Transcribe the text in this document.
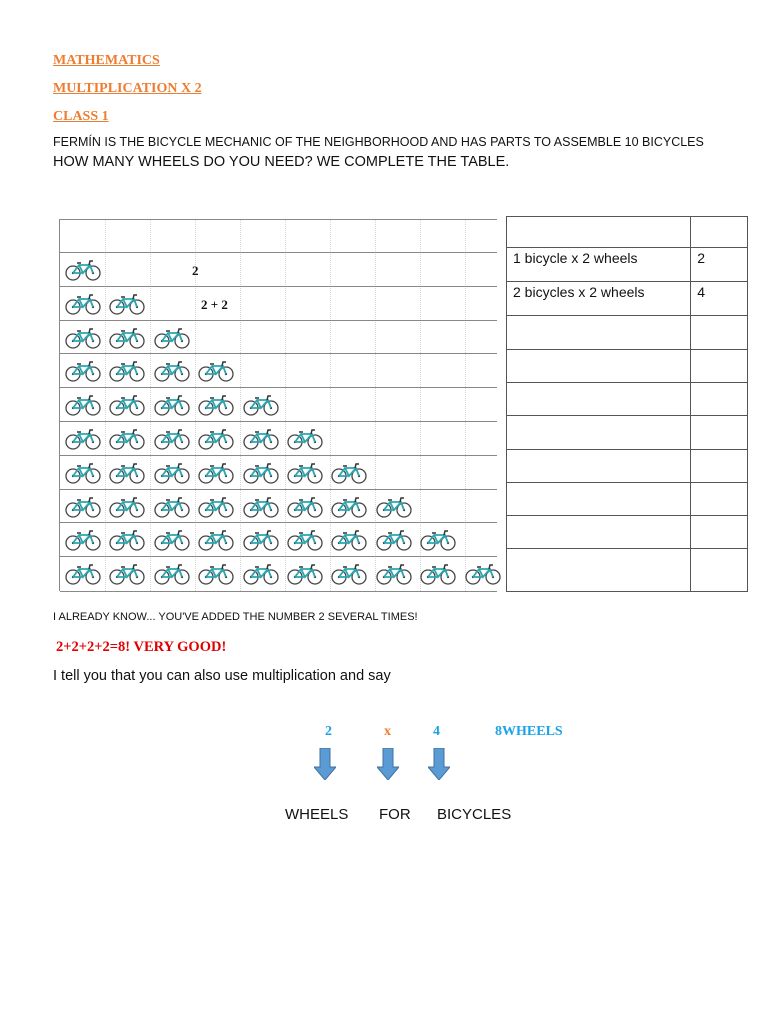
MATHEMATICS
MULTIPLICATION X 2
CLASS 1
FERMÍN IS THE BICYCLE MECHANIC OF THE NEIGHBORHOOD AND HAS PARTS TO ASSEMBLE 10 BICYCLES
HOW MANY WHEELS DO YOU NEED? WE COMPLETE THE TABLE.
2
2 + 2

1 bicycle x 2 wheels	2
2 bicycles x 2 wheels	4

I ALREADY KNOW... YOU'VE ADDED THE NUMBER 2 SEVERAL TIMES!
2+2+2+2=8! VERY GOOD!
I tell you that you can also use multiplication and say
2	x	4	8WHEELS
WHEELS FOR BICYCLES
